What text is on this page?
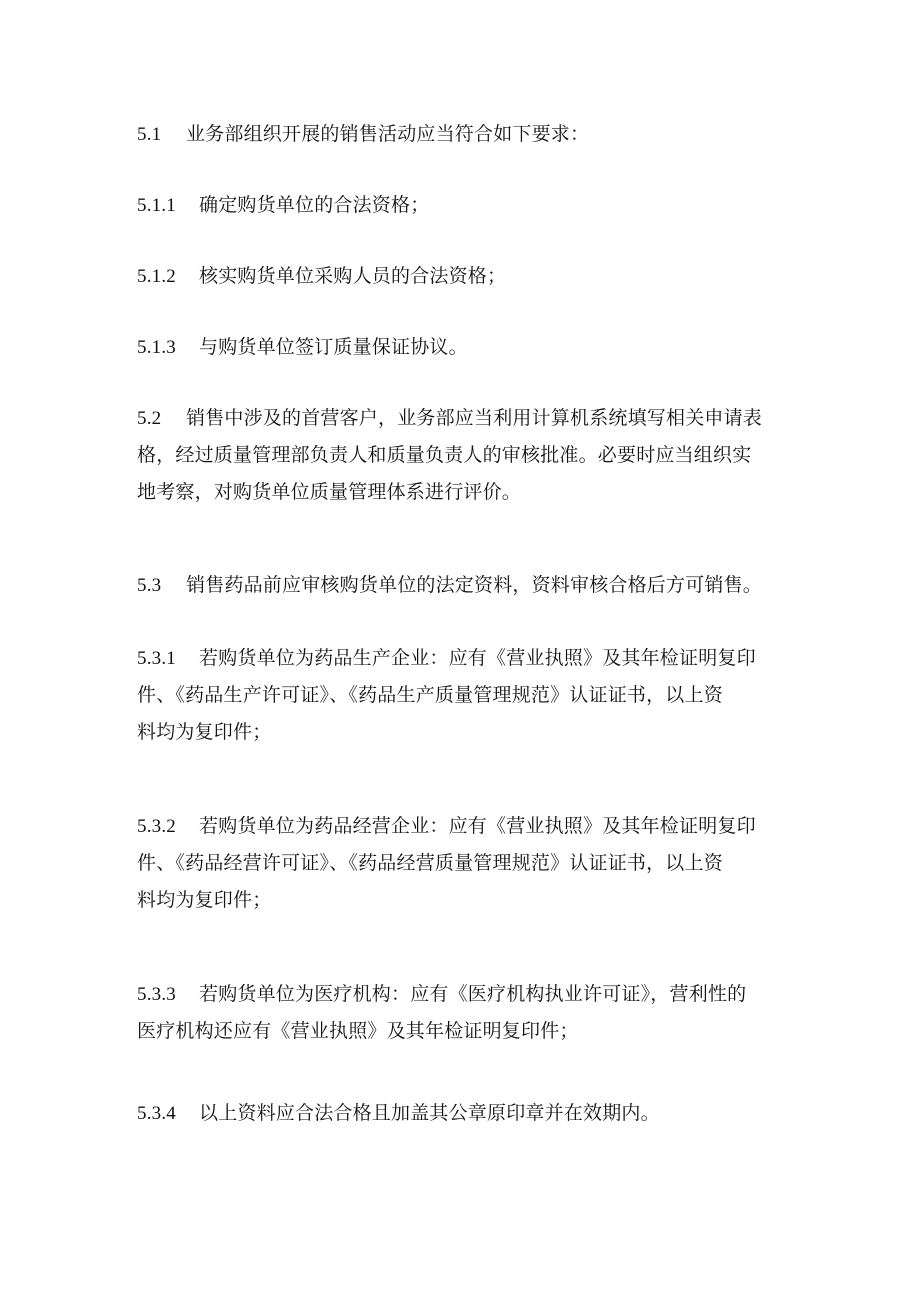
5.1 业务部组织开展的销售活动应当符合如下要求：

5.1.1 确定购货单位的合法资格；

5.1.2 核实购货单位采购人员的合法资格；

5.1.3 与购货单位签订质量保证协议。

5.2 销售中涉及的首营客户，业务部应当利用计算机系统填写相关申请表
格，经过质量管理部负责人和质量负责人的审核批准。必要时应当组织实
地考察，对购货单位质量管理体系进行评价。

5.3 销售药品前应审核购货单位的法定资料，资料审核合格后方可销售。

5.3.1 若购货单位为药品生产企业：应有《营业执照》及其年检证明复印
件、《药品生产许可证》、《药品生产质量管理规范》认证证书，以上资
料均为复印件；

5.3.2 若购货单位为药品经营企业：应有《营业执照》及其年检证明复印
件、《药品经营许可证》、《药品经营质量管理规范》认证证书，以上资
料均为复印件；

5.3.3 若购货单位为医疗机构：应有《医疗机构执业许可证》，营利性的
医疗机构还应有《营业执照》及其年检证明复印件；

5.3.4 以上资料应合法合格且加盖其公章原印章并在效期内。
